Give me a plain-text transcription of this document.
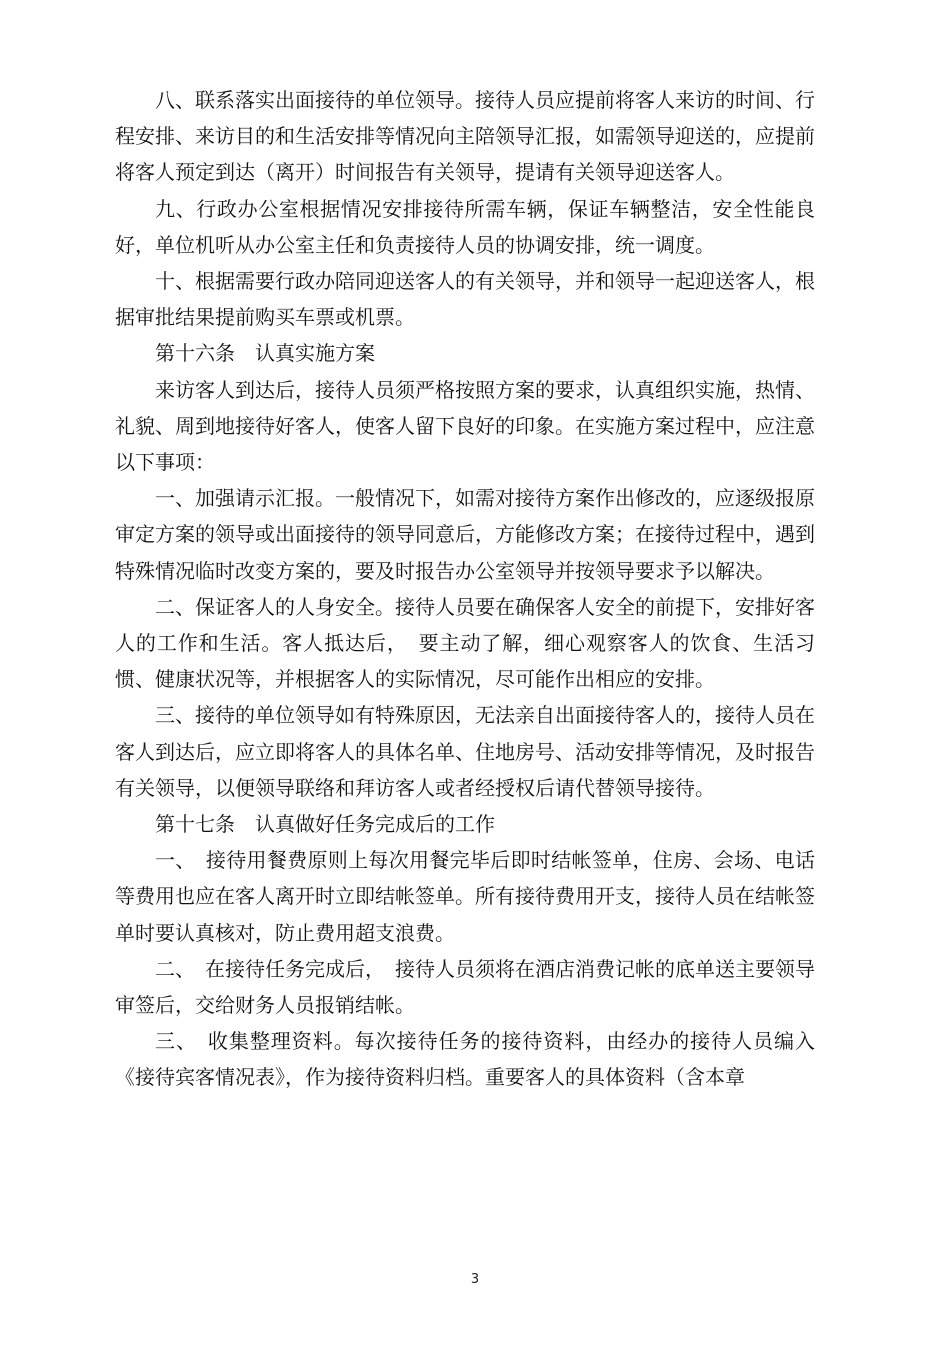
八、联系落实出面接待的单位领导。接待人员应提前将客人来访的时间、行程安排、来访目的和生活安排等情况向主陪领导汇报，如需领导迎送的，应提前将客人预定到达（离开）时间报告有关领导，提请有关领导迎送客人。

九、行政办公室根据情况安排接待所需车辆，保证车辆整洁，安全性能良好，单位机听从办公室主任和负责接待人员的协调安排，统一调度。

十、根据需要行政办陪同迎送客人的有关领导，并和领导一起迎送客人，根据审批结果提前购买车票或机票。

第十六条　认真实施方案

来访客人到达后，接待人员须严格按照方案的要求，认真组织实施，热情、礼貌、周到地接待好客人，使客人留下良好的印象。在实施方案过程中，应注意以下事项：

一、加强请示汇报。一般情况下，如需对接待方案作出修改的，应逐级报原审定方案的领导或出面接待的领导同意后，方能修改方案；在接待过程中，遇到特殊情况临时改变方案的，要及时报告办公室领导并按领导要求予以解决。

二、保证客人的人身安全。接待人员要在确保客人安全的前提下，安排好客人的工作和生活。客人抵达后，　要主动了解，细心观察客人的饮食、生活习惯、健康状况等，并根据客人的实际情况，尽可能作出相应的安排。

三、接待的单位领导如有特殊原因，无法亲自出面接待客人的，接待人员在客人到达后，应立即将客人的具体名单、住地房号、活动安排等情况，及时报告有关领导，以便领导联络和拜访客人或者经授权后请代替领导接待。

第十七条　认真做好任务完成后的工作

一、　接待用餐费原则上每次用餐完毕后即时结帐签单，住房、会场、电话等费用也应在客人离开时立即结帐签单。所有接待费用开支，接待人员在结帐签单时要认真核对，防止费用超支浪费。

二、　在接待任务完成后，　接待人员须将在酒店消费记帐的底单送主要领导审签后，交给财务人员报销结帐。

三、　收集整理资料。每次接待任务的接待资料，由经办的接待人员编入《接待宾客情况表》，作为接待资料归档。重要客人的具体资料（含本章

3
